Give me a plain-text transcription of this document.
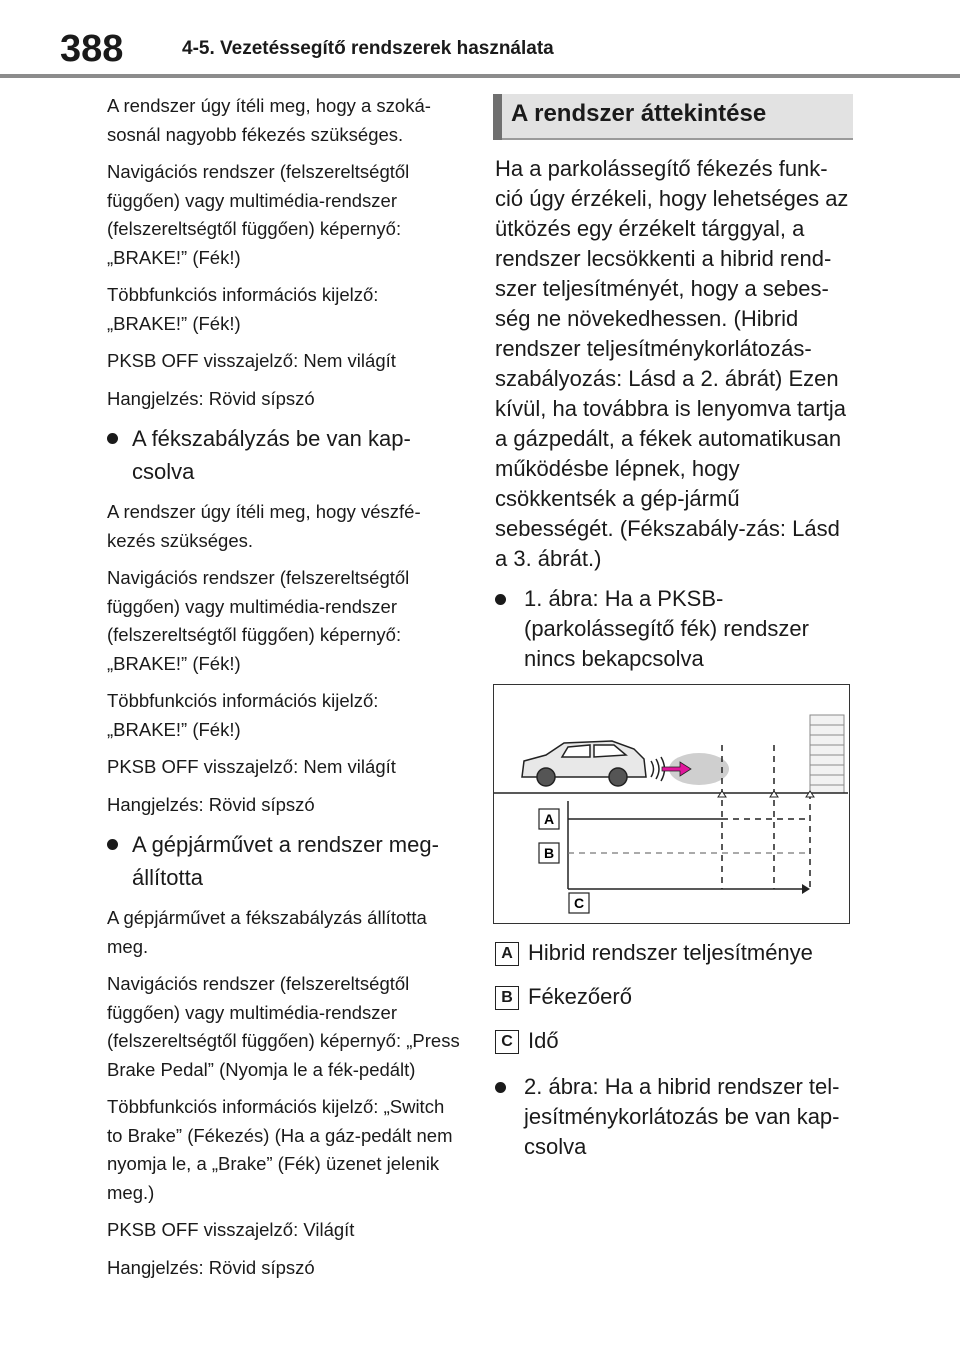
388	4-5. Vezetéssegítő rendszerek használata

A rendszer úgy ítéli meg, hogy a szoká-sosnál nagyobb fékezés szükséges.

Navigációs rendszer (felszereltségtől függően) vagy multimédia-rendszer (felszereltségtől függően) képernyő: „BRAKE!” (Fék!)

Többfunkciós információs kijelző: „BRAKE!” (Fék!)

PKSB OFF visszajelző: Nem világít

Hangjelzés: Rövid sípszó

A fékszabályzás be van kap-csolva

A rendszer úgy ítéli meg, hogy vészfé-kezés szükséges.

Navigációs rendszer (felszereltségtől függően) vagy multimédia-rendszer (felszereltségtől függően) képernyő: „BRAKE!” (Fék!)

Többfunkciós információs kijelző: „BRAKE!” (Fék!)

PKSB OFF visszajelző: Nem világít

Hangjelzés: Rövid sípszó

A gépjárművet a rendszer meg-állította

A gépjárművet a fékszabályzás állította meg.

Navigációs rendszer (felszereltségtől függően) vagy multimédia-rendszer (felszereltségtől függően) képernyő: „Press Brake Pedal” (Nyomja le a fék-pedált)

Többfunkciós információs kijelző: „Switch to Brake” (Fékezés) (Ha a gáz-pedált nem nyomja le, a „Brake” (Fék) üzenet jelenik meg.)

PKSB OFF visszajelző: Világít

Hangjelzés: Rövid sípszó

A rendszer áttekintése

Ha a parkolássegítő fékezés funk-ció úgy érzékeli, hogy lehetséges az ütközés egy érzékelt tárggyal, a rendszer lecsökkenti a hibrid rend-szer teljesítményét, hogy a sebes-ség ne növekedhessen. (Hibrid rendszer teljesítménykorlátozás-szabályozás: Lásd a 2. ábrát) Ezen kívül, ha továbbra is lenyomva tartja a gázpedált, a fékek automatikusan működésbe lépnek, hogy csökkentsék a gép-jármű sebességét. (Fékszabály-zás: Lásd a 3. ábrát.)

1. ábra: Ha a PKSB- (parkolássegítő fék) rendszer nincs bekapcsolva
A
B
C
A Hibrid rendszer teljesítménye
B Fékezőerő
C Idő
2. ábra: Ha a hibrid rendszer tel-jesítménykorlátozás be van kap-csolva
